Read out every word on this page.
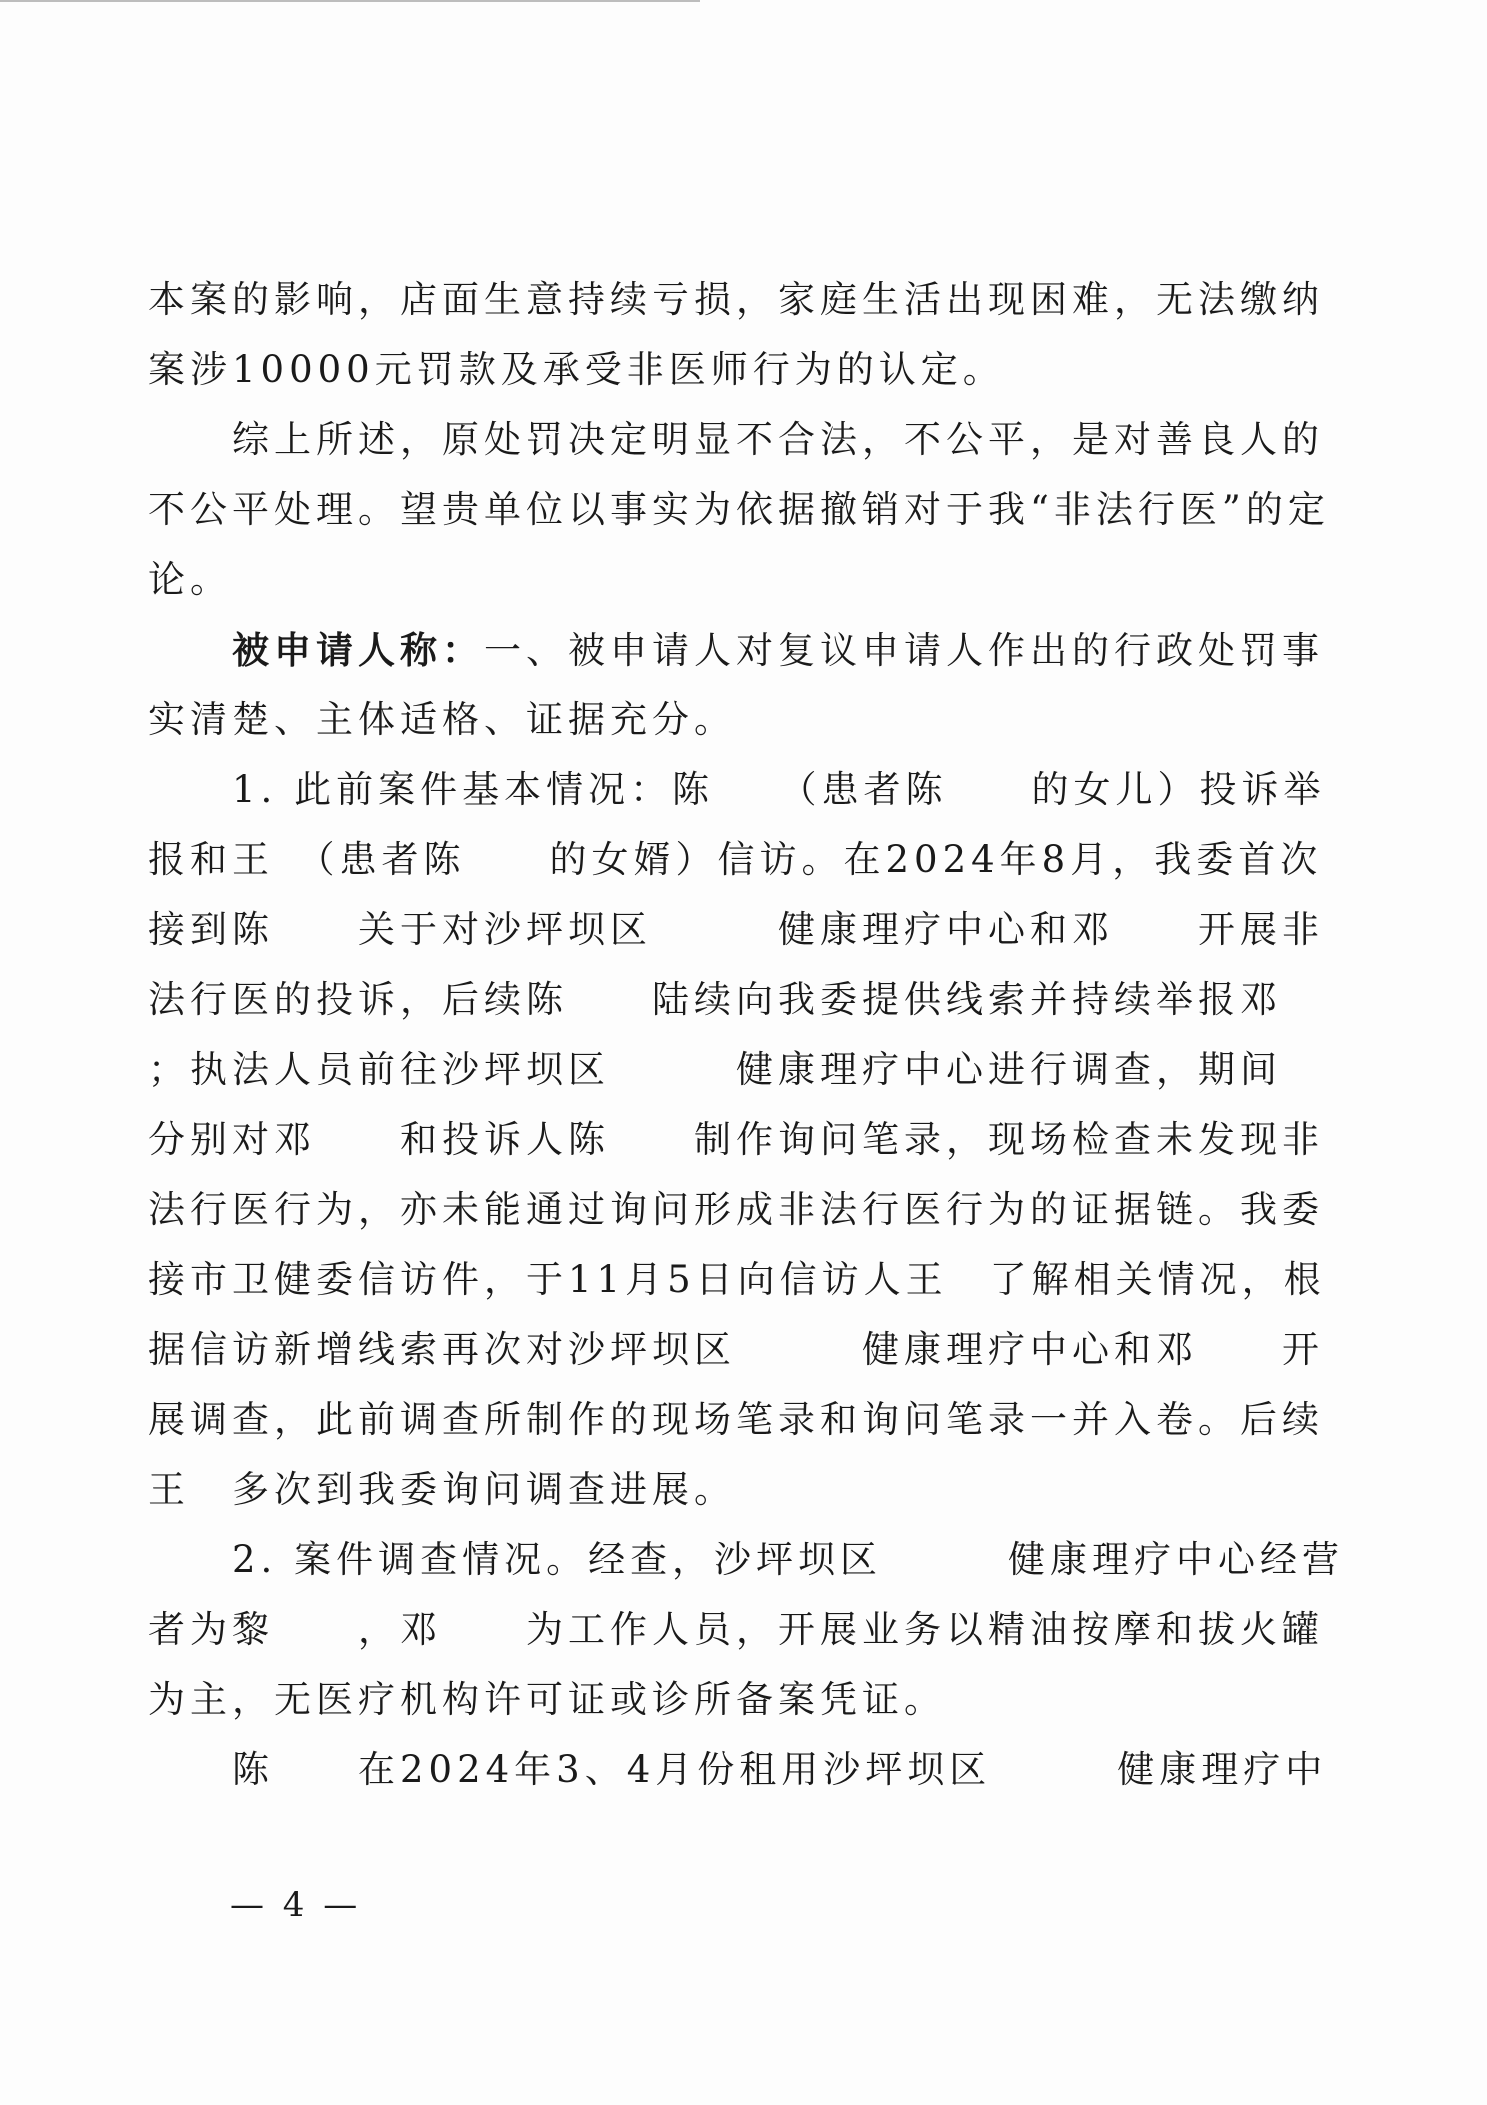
本案的影响，店面生意持续亏损，家庭生活出现困难，无法缴纳
案涉10000元罚款及承受非医师行为的认定。
综上所述，原处罚决定明显不合法，不公平，是对善良人的
不公平处理。望贵单位以事实为依据撤销对于我“非法行医”的定
论。
被申请人称：一、被申请人对复议申请人作出的行政处罚事
实清楚、主体适格、证据充分。
1. 此前案件基本情况：陈　　（患者陈　　的女儿）投诉举
报和王　（患者陈　　的女婿）信访。在2024年8月，我委首次
接到陈　　关于对沙坪坝区　　　健康理疗中心和邓　　开展非
法行医的投诉，后续陈　　陆续向我委提供线索并持续举报邓
；执法人员前往沙坪坝区　　　健康理疗中心进行调查，期间
分别对邓　　和投诉人陈　　制作询问笔录，现场检查未发现非
法行医行为，亦未能通过询问形成非法行医行为的证据链。我委
接市卫健委信访件，于11月5日向信访人王　了解相关情况，根
据信访新增线索再次对沙坪坝区　　　健康理疗中心和邓　　开
展调查，此前调查所制作的现场笔录和询问笔录一并入卷。后续
王　多次到我委询问调查进展。
2. 案件调查情况。经查，沙坪坝区　　　健康理疗中心经营
者为黎　　，邓　　为工作人员，开展业务以精油按摩和拔火罐
为主，无医疗机构许可证或诊所备案凭证。
陈　　在2024年3、4月份租用沙坪坝区　　　健康理疗中
— 4 —
